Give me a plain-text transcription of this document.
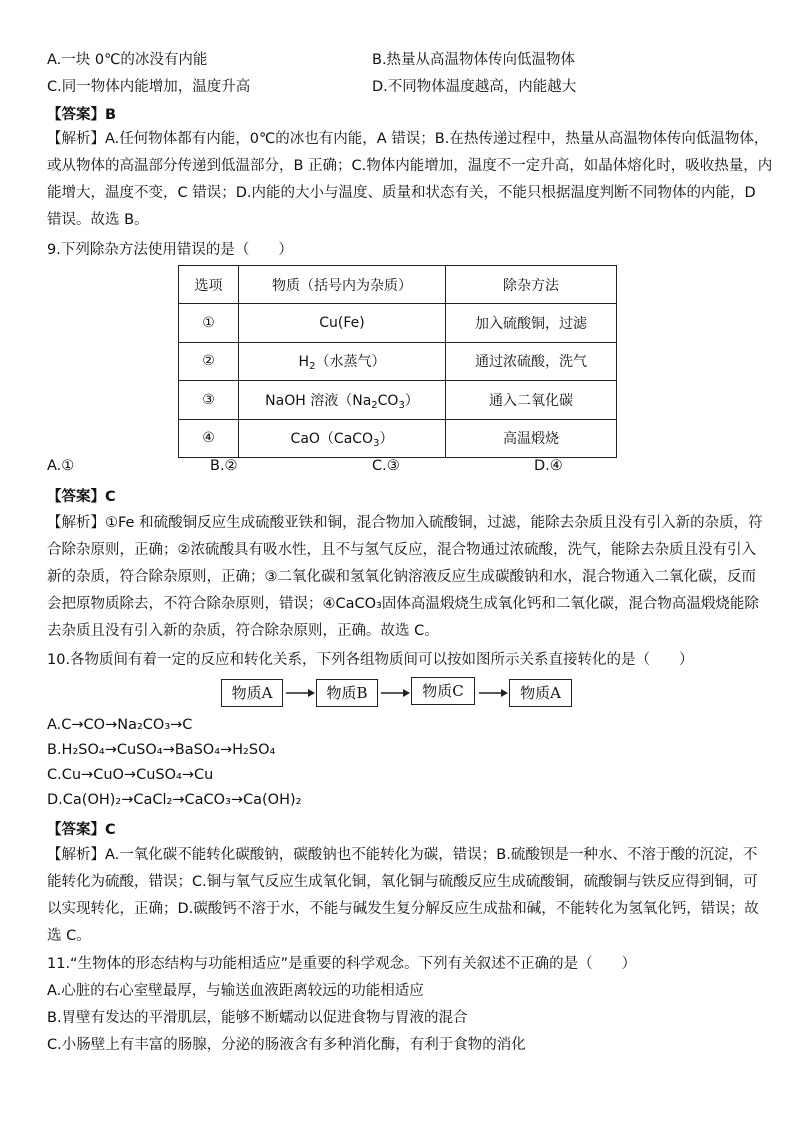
A.一块 0℃的冰没有内能	B.热量从高温物体传向低温物体
C.同一物体内能增加，温度升高	D.不同物体温度越高，内能越大
【答案】B
【解析】A.任何物体都有内能，0℃的冰也有内能，A 错误；B.在热传递过程中，热量从高温物体传向低温物体，
或从物体的高温部分传递到低温部分，B 正确；C.物体内能增加，温度不一定升高，如晶体熔化时，吸收热量，内
能增大，温度不变，C 错误；D.内能的大小与温度、质量和状态有关，不能只根据温度判断不同物体的内能，D
错误。故选 B。
9.下列除杂方法使用错误的是（　　）
选项	物质（括号内为杂质）	除杂方法
①	Cu(Fe)	加入硫酸铜，过滤
②	$H_2$（水蒸气）	通过浓硫酸，洗气
③	NaOH 溶液$(Na_2CO_3)$	通入二氧化碳
④	CaO（CaCO$_3$）	高温煅烧
A.①	B.②	C.③	D.④
【答案】C
【解析】①Fe 和硫酸铜反应生成硫酸亚铁和铜，混合物加入硫酸铜，过滤，能除去杂质且没有引入新的杂质，符
合除杂原则，正确；②浓硫酸具有吸水性，且不与氢气反应，混合物通过浓硫酸，洗气，能除去杂质且没有引入
新的杂质，符合除杂原则，正确；③二氧化碳和氢氧化钠溶液反应生成碳酸钠和水，混合物通入二氧化碳，反而
会把原物质除去，不符合除杂原则，错误；④CaCO₃固体高温煅烧生成氧化钙和二氧化碳，混合物高温煅烧能除
去杂质且没有引入新的杂质，符合除杂原则，正确。故选 C。
10.各物质间有着一定的反应和转化关系，下列各组物质间可以按如图所示关系直接转化的是（　　）
物质A	物质B	物质C	物质A
A.C→CO→Na₂CO₃→C
B.H₂SO₄→CuSO₄→BaSO₄→H₂SO₄
C.Cu→CuO→CuSO₄→Cu
D.Ca(OH)₂→CaCl₂→CaCO₃→Ca(OH)₂
【答案】C
【解析】A.一氧化碳不能转化碳酸钠，碳酸钠也不能转化为碳，错误；B.硫酸钡是一种水、不溶于酸的沉淀，不
能转化为硫酸，错误；C.铜与氧气反应生成氧化铜，氧化铜与硫酸反应生成硫酸铜，硫酸铜与铁反应得到铜，可
以实现转化，正确；D.碳酸钙不溶于水，不能与碱发生复分解反应生成盐和碱，不能转化为氢氧化钙，错误；故
选 C。
11.“生物体的形态结构与功能相适应”是重要的科学观念。下列有关叙述不正确的是（　　）
A.心脏的右心室壁最厚，与输送血液距离较远的功能相适应
B.胃壁有发达的平滑肌层，能够不断蠕动以促进食物与胃液的混合
C.小肠壁上有丰富的肠腺，分泌的肠液含有多种消化酶，有利于食物的消化
